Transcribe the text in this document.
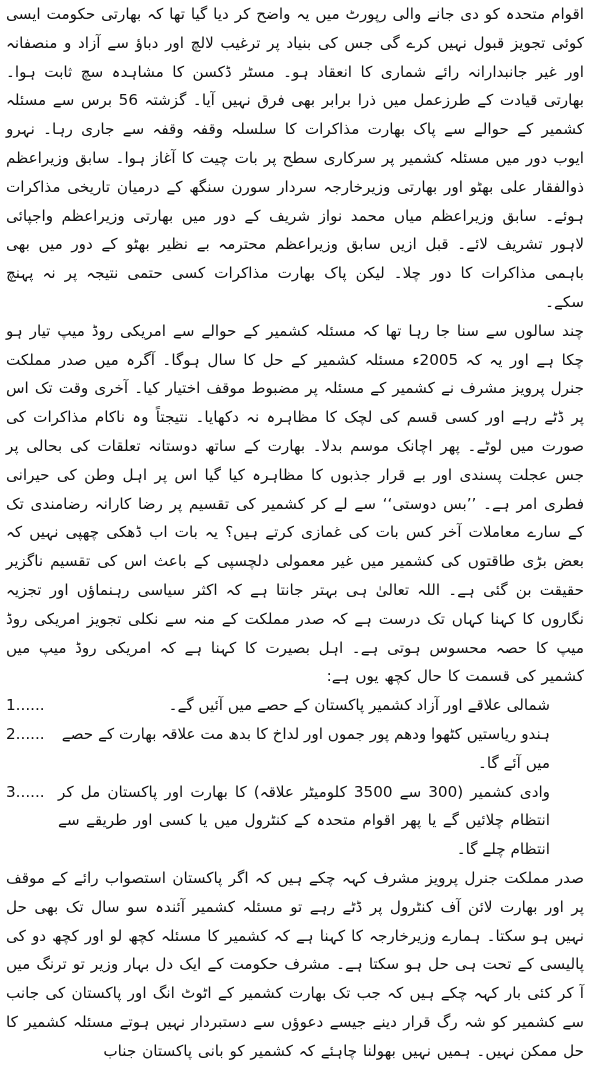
اقوام متحدہ کو دی جانے والی رپورٹ میں یہ واضح کر دیا گیا تھا کہ بھارتی حکومت ایسی کوئی تجویز قبول نہیں کرے گی جس کی بنیاد پر ترغیب لالچ اور دباؤ سے آزاد و منصفانہ اور غیر جانبدارانہ رائے شماری کا انعقاد ہو۔ مسٹر ڈکسن کا مشاہدہ سچ ثابت ہوا۔ بھارتی قیادت کے طرزعمل میں ذرا برابر بھی فرق نہیں آیا۔ گزشتہ 56 برس سے مسئلہ کشمیر کے حوالے سے پاک بھارت مذاکرات کا سلسلہ وقفہ وقفہ سے جاری رہا۔ نہرو ایوب دور میں مسئلہ کشمیر پر سرکاری سطح پر بات چیت کا آغاز ہوا۔ سابق وزیراعظم ذوالفقار علی بھٹو اور بھارتی وزیرخارجہ سردار سورن سنگھ کے درمیان تاریخی مذاکرات ہوئے۔ سابق وزیراعظم میاں محمد نواز شریف کے دور میں بھارتی وزیراعظم واجپائی لاہور تشریف لائے۔ قبل ازیں سابق وزیراعظم محترمہ بے نظیر بھٹو کے دور میں بھی باہمی مذاکرات کا دور چلا۔ لیکن پاک بھارت مذاکرات کسی حتمی نتیجہ پر نہ پہنچ سکے۔

چند سالوں سے سنا جا رہا تھا کہ مسئلہ کشمیر کے حوالے سے امریکی روڈ میپ تیار ہو چکا ہے اور یہ کہ 2005ء مسئلہ کشمیر کے حل کا سال ہوگا۔ آگرہ میں صدر مملکت جنرل پرویز مشرف نے کشمیر کے مسئلہ پر مضبوط موقف اختیار کیا۔ آخری وقت تک اس پر ڈٹے رہے اور کسی قسم کی لچک کا مظاہرہ نہ دکھایا۔ نتیجتاً وہ ناکام مذاکرات کی صورت میں لوٹے۔ پھر اچانک موسم بدلا۔ بھارت کے ساتھ دوستانہ تعلقات کی بحالی پر جس عجلت پسندی اور بے قرار جذبوں کا مظاہرہ کیا گیا اس پر اہل وطن کی حیرانی فطری امر ہے۔ ’’بس دوستی‘‘ سے لے کر کشمیر کی تقسیم پر رضا کارانہ رضامندی تک کے سارے معاملات آخر کس بات کی غمازی کرتے ہیں؟ یہ بات اب ڈھکی چھپی نہیں کہ بعض بڑی طاقتوں کی کشمیر میں غیر معمولی دلچسپی کے باعث اس کی تقسیم ناگزیر حقیقت بن گئی ہے۔ اللہ تعالیٰ ہی بہتر جانتا ہے کہ اکثر سیاسی رہنماؤں اور تجزیہ نگاروں کا کہنا کہاں تک درست ہے کہ صدر مملکت کے منہ سے نکلی تجویز امریکی روڈ میپ کا حصہ محسوس ہوتی ہے۔ اہل بصیرت کا کہنا ہے کہ امریکی روڈ میپ میں کشمیر کی قسمت کا حال کچھ یوں ہے:

شمالی علاقے اور آزاد کشمیر پاکستان کے حصے میں آئیں گے۔
1......
ہندو ریاستیں کٹھوا ودھم پور جموں اور لداخ کا بدھ مت علاقہ بھارت کے حصے میں آئے گا۔
2......
وادی کشمیر (300 سے 3500 کلومیٹر علاقہ) کا بھارت اور پاکستان مل کر انتظام چلائیں گے یا پھر اقوام متحدہ کے کنٹرول میں یا کسی اور طریقے سے انتظام چلے گا۔
3......

صدر مملکت جنرل پرویز مشرف کہہ چکے ہیں کہ اگر پاکستان استصواب رائے کے موقف پر اور بھارت لائن آف کنٹرول پر ڈٹے رہے تو مسئلہ کشمیر آئندہ سو سال تک بھی حل نہیں ہو سکتا۔ ہمارے وزیرخارجہ کا کہنا ہے کہ کشمیر کا مسئلہ کچھ لو اور کچھ دو کی پالیسی کے تحت ہی حل ہو سکتا ہے۔ مشرف حکومت کے ایک دل بہار وزیر تو ترنگ میں آ کر کئی بار کہہ چکے ہیں کہ جب تک بھارت کشمیر کے اٹوٹ انگ اور پاکستان کی جانب سے کشمیر کو شہ رگ قرار دینے جیسے دعوؤں سے دستبردار نہیں ہوتے مسئلہ کشمیر کا حل ممکن نہیں۔ ہمیں نہیں بھولنا چاہئے کہ کشمیر کو بانی پاکستان جناب
